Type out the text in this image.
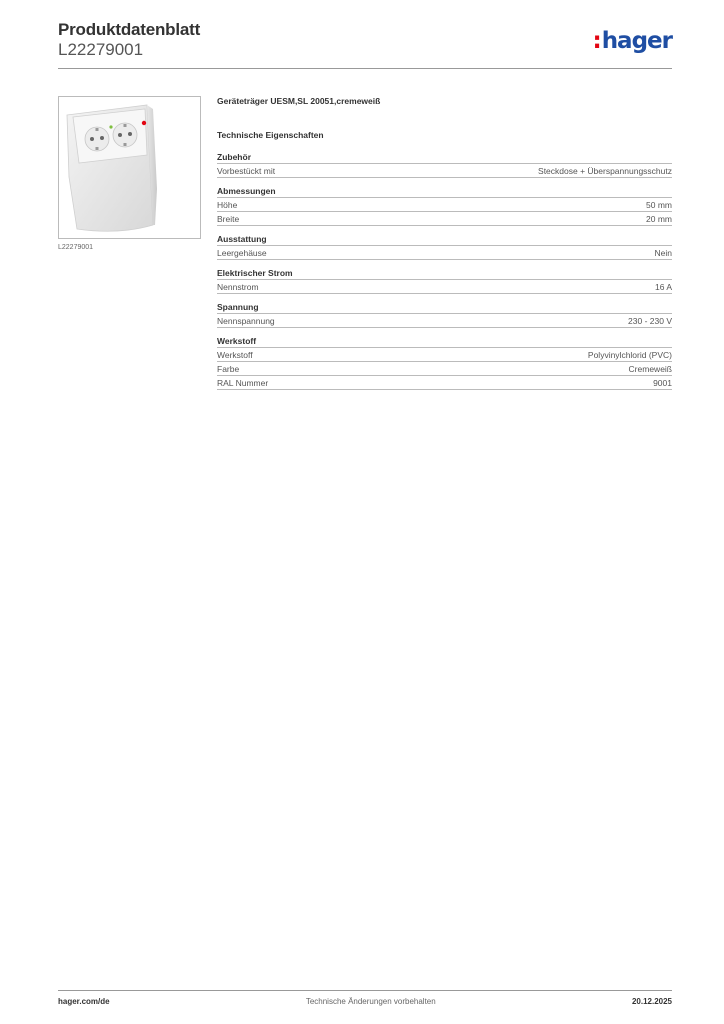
Produktdatenblatt
L22279001	:hager
L22279001
Geräteträger UESM,SL 20051,cremeweiß
Technische Eigenschaften
Zubehör
Vorbestückt mit	Steckdose + Überspannungsschutz
Abmessungen
Höhe	50 mm
Breite	20 mm
Ausstattung
Leergehäuse	Nein
Elektrischer Strom
Nennstrom	16 A
Spannung
Nennspannung	230 - 230 V
Werkstoff
Werkstoff	Polyvinylchlorid (PVC)
Farbe	Cremeweiß
RAL Nummer	9001
hager.com/de	Technische Änderungen vorbehalten	20.12.2025
